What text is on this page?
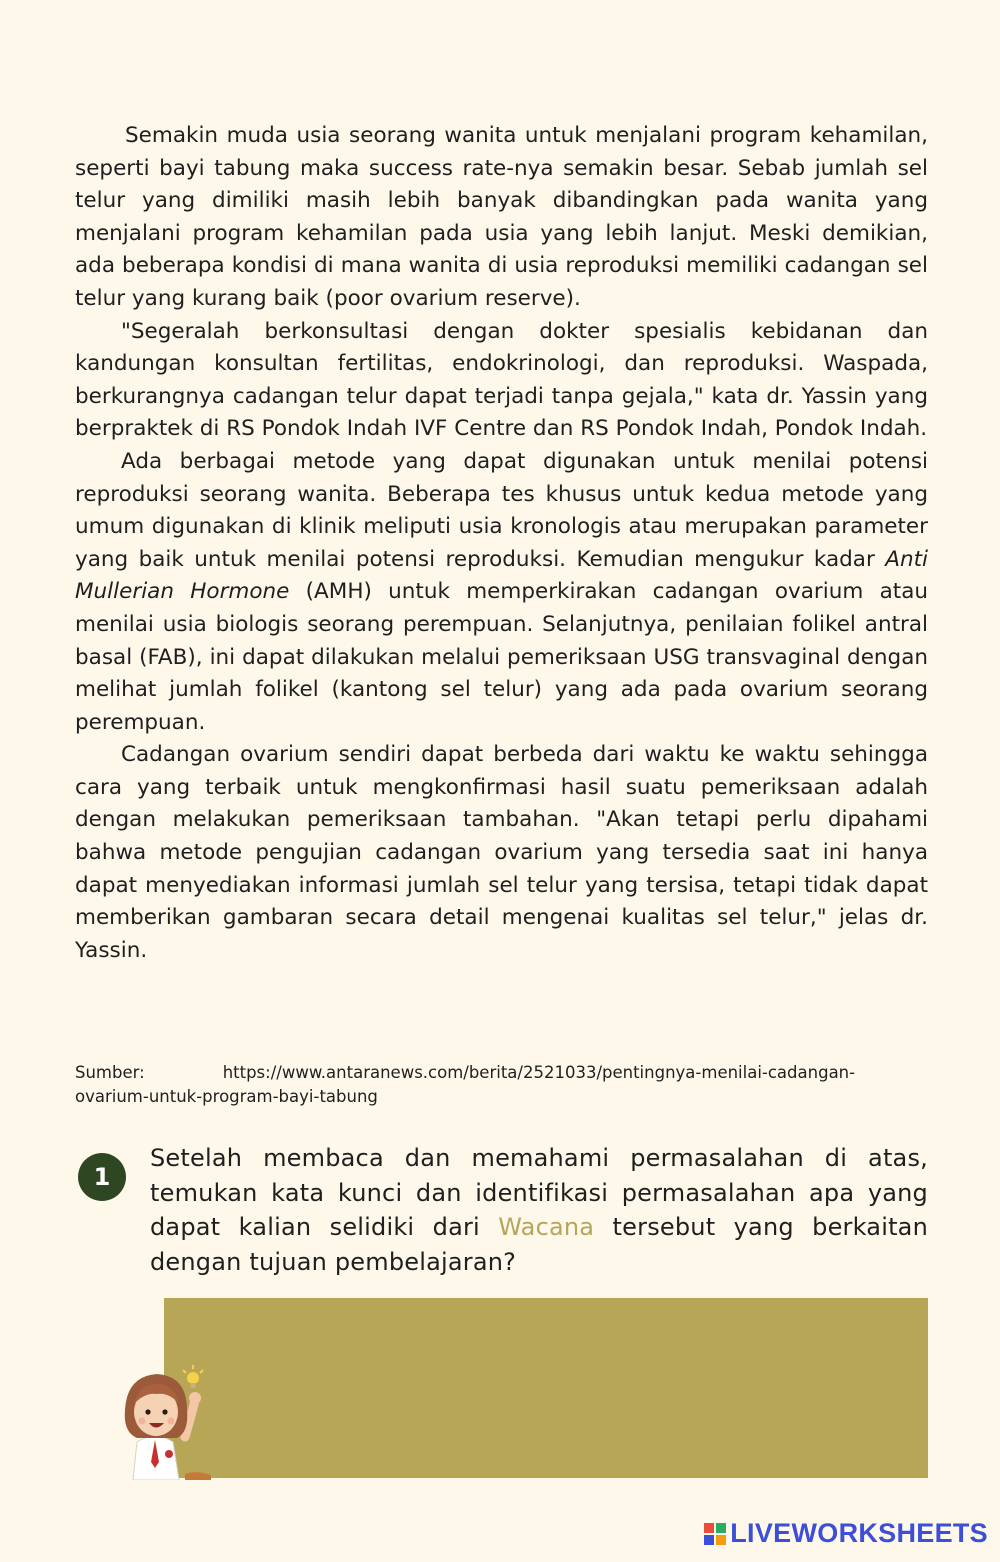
Semakin muda usia seorang wanita untuk menjalani program kehamilan, seperti bayi tabung maka success rate-nya semakin besar. Sebab jumlah sel telur yang dimiliki masih lebih banyak dibandingkan pada wanita yang menjalani program kehamilan pada usia yang lebih lanjut. Meski demikian, ada beberapa kondisi di mana wanita di usia reproduksi memiliki cadangan sel telur yang kurang baik (poor ovarium reserve).

"Segeralah berkonsultasi dengan dokter spesialis kebidanan dan kandungan konsultan fertilitas, endokrinologi, dan reproduksi. Waspada, berkurangnya cadangan telur dapat terjadi tanpa gejala," kata dr. Yassin yang berpraktek di RS Pondok Indah IVF Centre dan RS Pondok Indah, Pondok Indah.

Ada berbagai metode yang dapat digunakan untuk menilai potensi reproduksi seorang wanita. Beberapa tes khusus untuk kedua metode yang umum digunakan di klinik meliputi usia kronologis atau merupakan parameter yang baik untuk menilai potensi reproduksi. Kemudian mengukur kadar Anti Mullerian Hormone (AMH) untuk memperkirakan cadangan ovarium atau menilai usia biologis seorang perempuan. Selanjutnya, penilaian folikel antral basal (FAB), ini dapat dilakukan melalui pemeriksaan USG transvaginal dengan melihat jumlah folikel (kantong sel telur) yang ada pada ovarium seorang perempuan.

Cadangan ovarium sendiri dapat berbeda dari waktu ke waktu sehingga cara yang terbaik untuk mengkonfirmasi hasil suatu pemeriksaan adalah dengan melakukan pemeriksaan tambahan. "Akan tetapi perlu dipahami bahwa metode pengujian cadangan ovarium yang tersedia saat ini hanya dapat menyediakan informasi jumlah sel telur yang tersisa, tetapi tidak dapat memberikan gambaran secara detail mengenai kualitas sel telur," jelas dr. Yassin.

Sumber:	https://www.antaranews.com/berita/2521033/pentingnya-menilai-cadangan-ovarium-untuk-program-bayi-tabung
1
Setelah membaca dan memahami permasalahan di atas, temukan kata kunci dan identifikasi permasalahan apa yang dapat kalian selidiki dari Wacana tersebut yang berkaitan dengan tujuan pembelajaran?
LIVEWORKSHEETS
